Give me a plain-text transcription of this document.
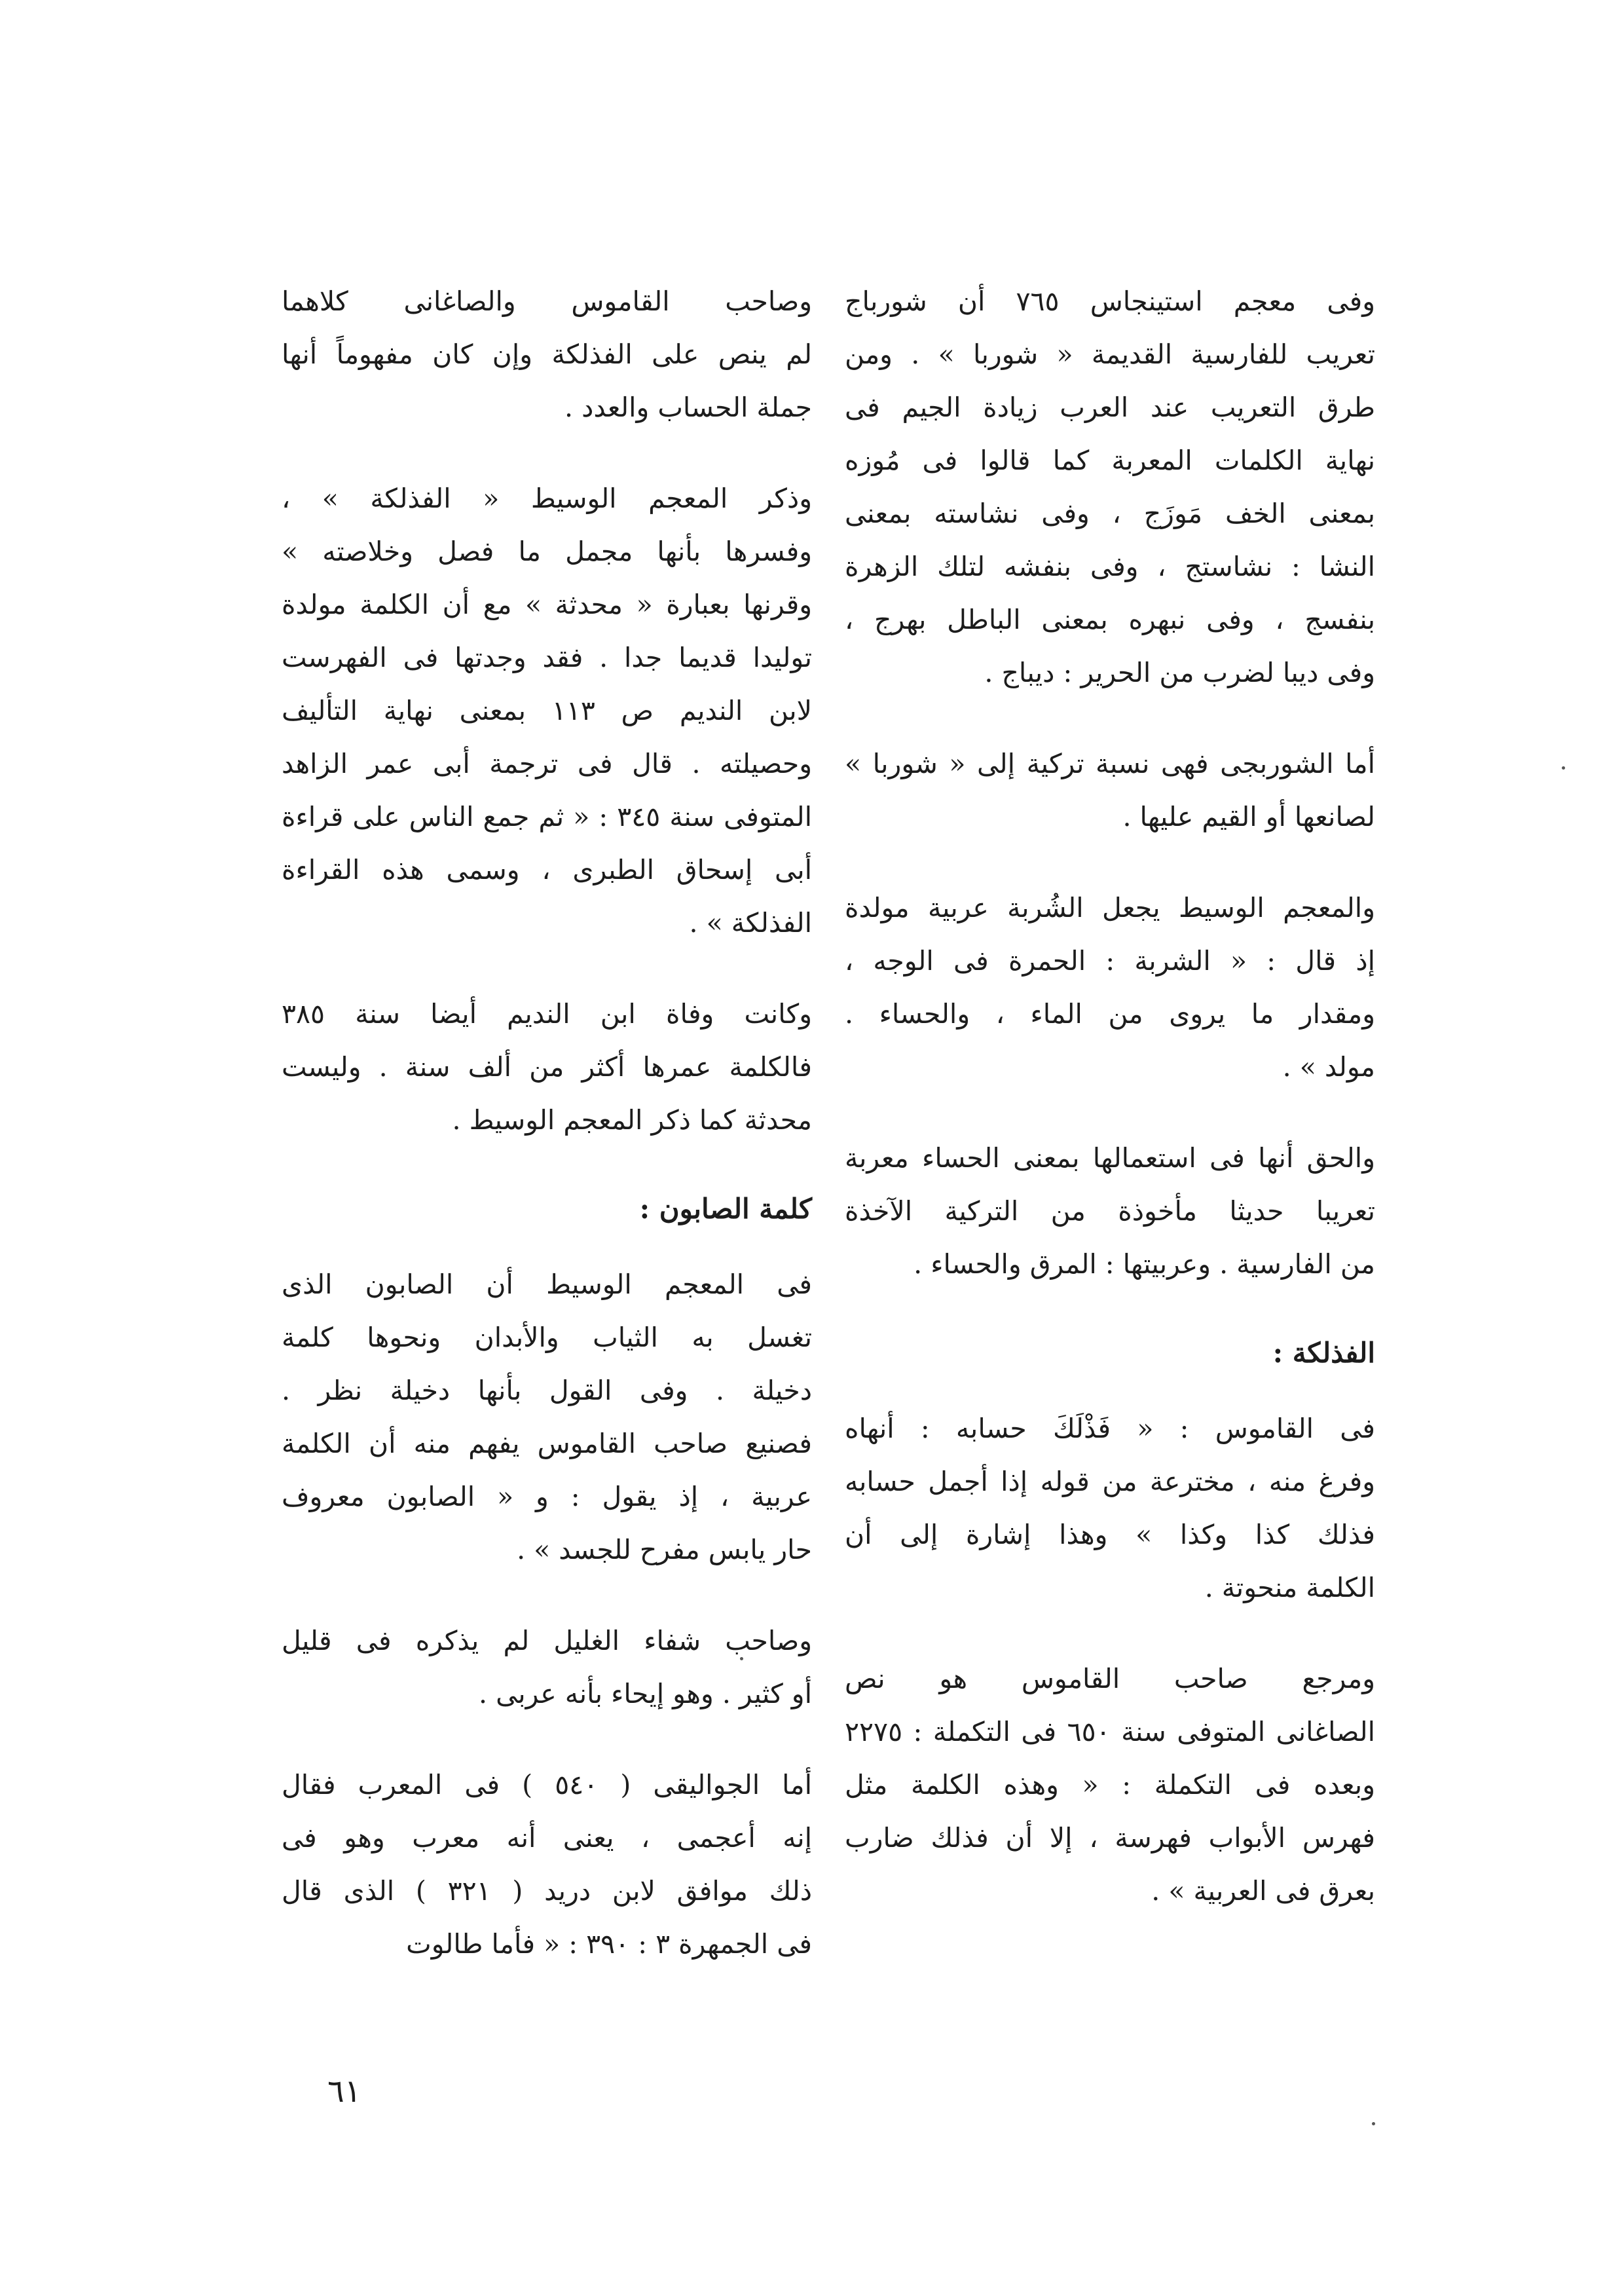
وفى معجم استينجاس ٧٦٥ أن شورباج
تعريب للفارسية القديمة « شوربا » . ومن
طرق التعريب عند العرب زيادة الجيم فى
نهاية الكلمات المعربة كما قالوا فى مُوزه
بمعنى الخف مَوزَج ، وفى نشاسته بمعنى
النشا : نشاستج ، وفى بنفشه لتلك الزهرة
بنفسج ، وفى نبهره بمعنى الباطل بهرج ،
وفى ديبا لضرب من الحرير : ديباج .
أما الشوربجى فهى نسبة تركية إلى « شوربا »
لصانعها أو القيم عليها .
والمعجم الوسيط يجعل الشُربة عربية مولدة
إذ قال : « الشربة : الحمرة فى الوجه ،
ومقدار ما يروى من الماء ، والحساء .
مولد » .
والحق أنها فى استعمالها بمعنى الحساء معربة
تعريبا حديثا مأخوذة من التركية الآخذة
من الفارسية . وعربيتها : المرق والحساء .
الفذلكة :
فى القاموس : « فَذْلَكَ حسابه : أنهاه
وفرغ منه ، مخترعة من قوله إذا أجمل حسابه
فذلك كذا وكذا » وهذا إشارة إلى أن
الكلمة منحوتة .
ومرجع صاحب القاموس هو نص
الصاغانى المتوفى سنة ٦٥٠ فى التكملة : ٢٢٧٥
وبعده فى التكملة : « وهذه الكلمة مثل
فهرس الأبواب فهرسة ، إلا أن فذلك ضارب
بعرق فى العربية » .
وصاحب القاموس والصاغانى كلاهما
لم ينص على الفذلكة وإن كان مفهوماً أنها
جملة الحساب والعدد .
وذكر المعجم الوسيط « الفذلكة » ،
وفسرها بأنها مجمل ما فصل وخلاصته »
وقرنها بعبارة « محدثة » مع أن الكلمة مولدة
توليدا قديما جدا . فقد وجدتها فى الفهرست
لابن النديم ص ١١٣ بمعنى نهاية التأليف
وحصيلته . قال فى ترجمة أبى عمر الزاهد
المتوفى سنة ٣٤٥ : « ثم جمع الناس على قراءة
أبى إسحاق الطبرى ، وسمى هذه القراءة
الفذلكة » .
وكانت وفاة ابن النديم أيضا سنة ٣٨٥
فالكلمة عمرها أكثر من ألف سنة . وليست
محدثة كما ذكر المعجم الوسيط .
كلمة الصابون :
فى المعجم الوسيط أن الصابون الذى
تغسل به الثياب والأبدان ونحوها كلمة
دخيلة . وفى القول بأنها دخيلة نظر .
فصنيع صاحب القاموس يفهم منه أن الكلمة
عربية ، إذ يقول : و « الصابون معروف
حار يابس مفرح للجسد » .
وصاحب شفاء الغليل لم يذكره فى قليل
أو كثير . وهو إيحاء بأنه عربى .
أما الجواليقى ( ٥٤٠ ) فى المعرب فقال
إنه أعجمى ، يعنى أنه معرب وهو فى
ذلك موافق لابن دريد ( ٣٢١ ) الذى قال
فى الجمهرة ٣ : ٣٩٠ : « فأما طالوت
٦١
